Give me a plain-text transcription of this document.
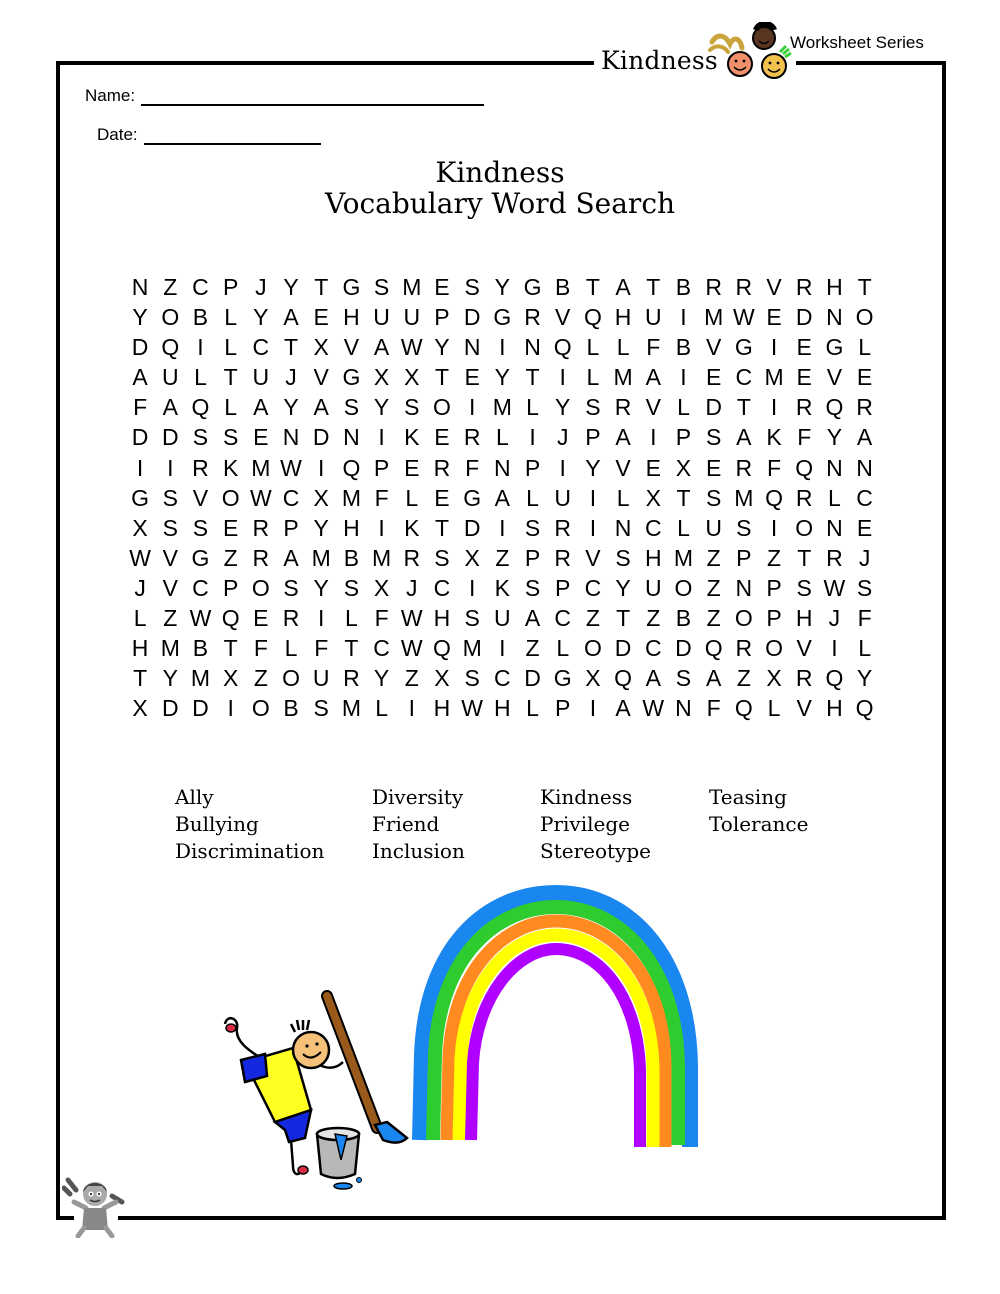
Kindness
Worksheet Series
Name:
Date:
Kindness
Vocabulary Word Search
N Z C P J Y T G S M E S Y G B T A T B R R V R H T
Y O B L Y A E H U U P D G R V Q H U I M W E D N O
D Q I L C T X V A W Y N I N Q L L F B V G I E G L
A U L T U J V G X X T E Y T I L M A I E C M E V E
F A Q L A Y A S Y S O I M L Y S R V L D T I R Q R
D D S S E N D N I K E R L I J P A I P S A K F Y A
I	I R K M W I Q P E R F N P I Y V E X E R F Q N N
G S V O W C X M F L E G A L U I L X T S M Q R L C
X S S E R P Y H I K T D I S R I N C L U S I O N E
W V G Z R A M B M R S X Z P R V S H M Z P Z T R J
J V C P O S Y S X J C I K S P C Y U O Z N P S W S
L Z W Q E R I L F W H S U A C Z T Z B Z O P H J F
H M B T F L F T C W Q M I Z L O D C D Q R O V I L
T Y M X Z O U R Y Z X S C D G X Q A S A Z X R Q Y
X D D I O B S M L I H W H L P I A W N F Q L V H Q
Ally
Bullying
Discrimination
Diversity
Friend
Inclusion
Kindness
Privilege
Stereotype
Teasing
Tolerance
